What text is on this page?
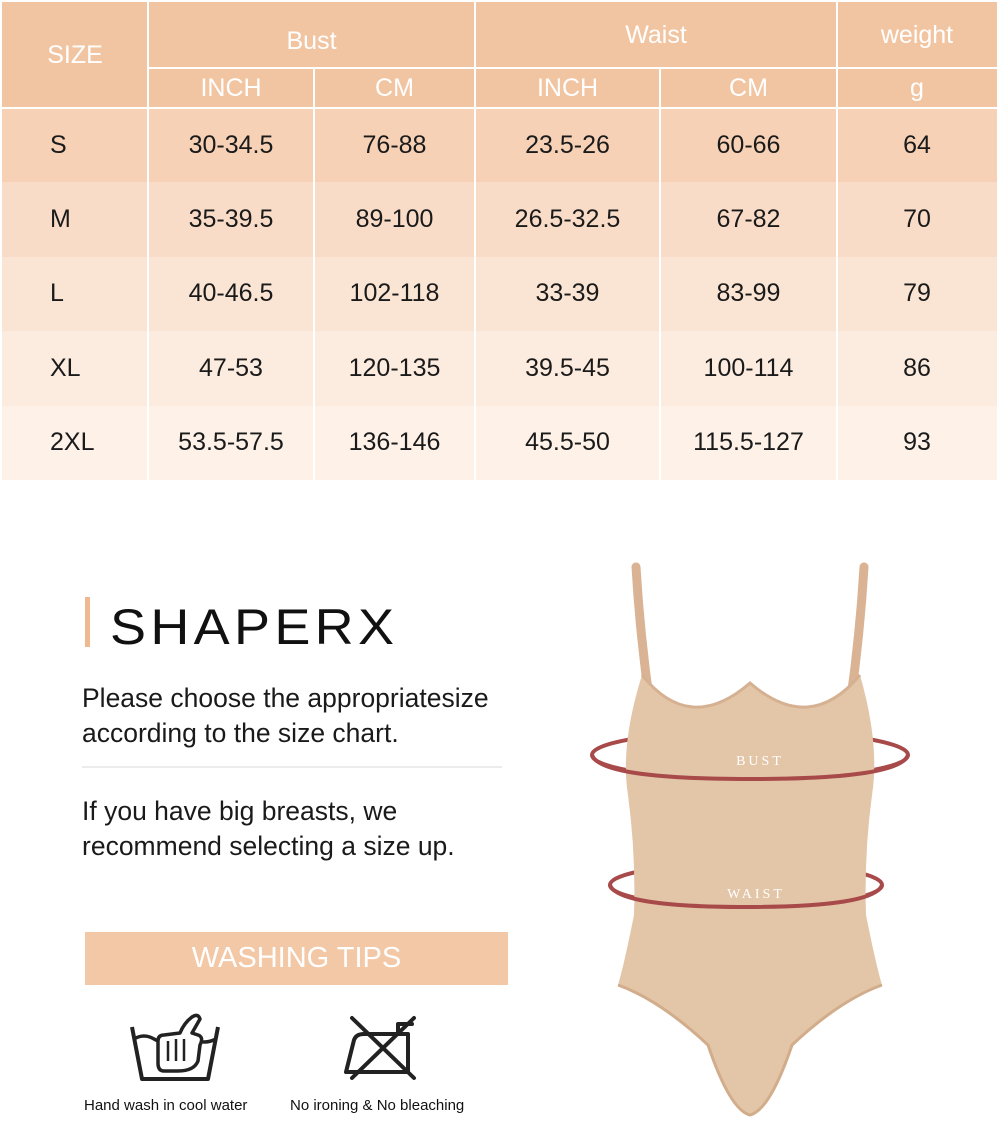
SIZE	Bust	Waist	weight
INCH	CM	INCH	CM	g
S	30-34.5	76-88	23.5-26	60-66	64
M	35-39.5	89-100	26.5-32.5	67-82	70
L	40-46.5	102-118	33-39	83-99	79
XL	47-53	120-135	39.5-45	100-114	86
2XL	53.5-57.5	136-146	45.5-50	115.5-127	93
SHAPERX
Please choose the appropriatesize
according to the size chart.
If you have big breasts, we
recommend selecting a size up.
WASHING TIPS
Hand wash in cool water	No ironing & No bleaching
BUST
WAIST
